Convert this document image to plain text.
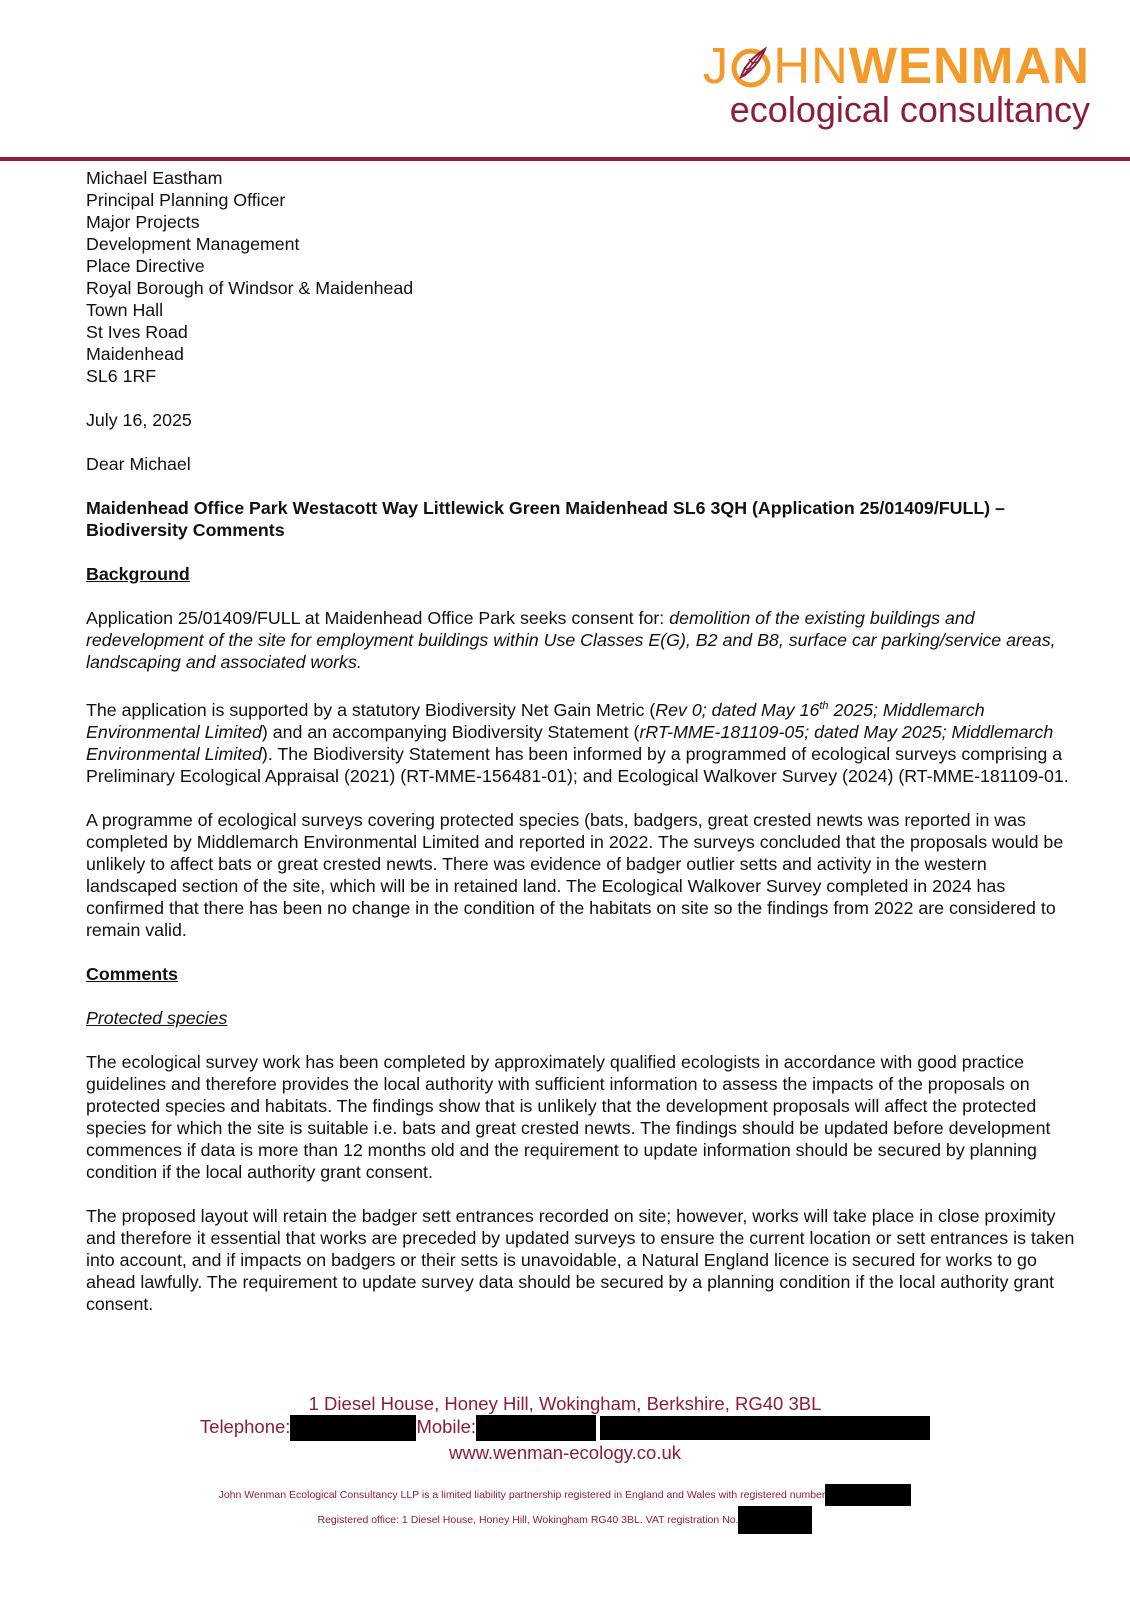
J HNWENMAN
ecological consultancy
Michael Eastham
Principal Planning Officer
Major Projects
Development Management
Place Directive
Royal Borough of Windsor & Maidenhead
Town Hall
St Ives Road
Maidenhead
SL6 1RF
July 16, 2025
Dear Michael
Maidenhead Office Park Westacott Way Littlewick Green Maidenhead SL6 3QH (Application 25/01409/FULL) – Biodiversity Comments
Background

Application 25/01409/FULL at Maidenhead Office Park seeks consent for: demolition of the existing buildings and redevelopment of the site for employment buildings within Use Classes E(G), B2 and B8, surface car parking/service areas, landscaping and associated works.

The application is supported by a statutory Biodiversity Net Gain Metric (Rev 0; dated May 16th 2025; Middlemarch Environmental Limited) and an accompanying Biodiversity Statement (rRT-MME-181109-05; dated May 2025; Middlemarch Environmental Limited). The Biodiversity Statement has been informed by a programmed of ecological surveys comprising a Preliminary Ecological Appraisal (2021) (RT-MME-156481-01); and Ecological Walkover Survey (2024) (RT-MME-181109-01.

A programme of ecological surveys covering protected species (bats, badgers, great crested newts was reported in was completed by Middlemarch Environmental Limited and reported in 2022. The surveys concluded that the proposals would be unlikely to affect bats or great crested newts. There was evidence of badger outlier setts and activity in the western landscaped section of the site, which will be in retained land. The Ecological Walkover Survey completed in 2024 has confirmed that there has been no change in the condition of the habitats on site so the findings from 2022 are considered to remain valid.

Comments
Protected species

The ecological survey work has been completed by approximately qualified ecologists in accordance with good practice guidelines and therefore provides the local authority with sufficient information to assess the impacts of the proposals on protected species and habitats. The findings show that is unlikely that the development proposals will affect the protected species for which the site is suitable i.e. bats and great crested newts. The findings should be updated before development commences if data is more than 12 months old and the requirement to update information should be secured by planning condition if the local authority grant consent.

The proposed layout will retain the badger sett entrances recorded on site; however, works will take place in close proximity and therefore it essential that works are preceded by updated surveys to ensure the current location or sett entrances is taken into account, and if impacts on badgers or their setts is unavoidable, a Natural England licence is secured for works to go ahead lawfully. The requirement to update survey data should be secured by a planning condition if the local authority grant consent.

1 Diesel House, Honey Hill, Wokingham, Berkshire, RG40 3BL
Telephone:	Mobile:
www.wenman-ecology.co.uk
John Wenman Ecological Consultancy LLP is a limited liability partnership registered in England and Wales with registered number
Registered office: 1 Diesel House, Honey Hill, Wokingham RG40 3BL. VAT registration No.
